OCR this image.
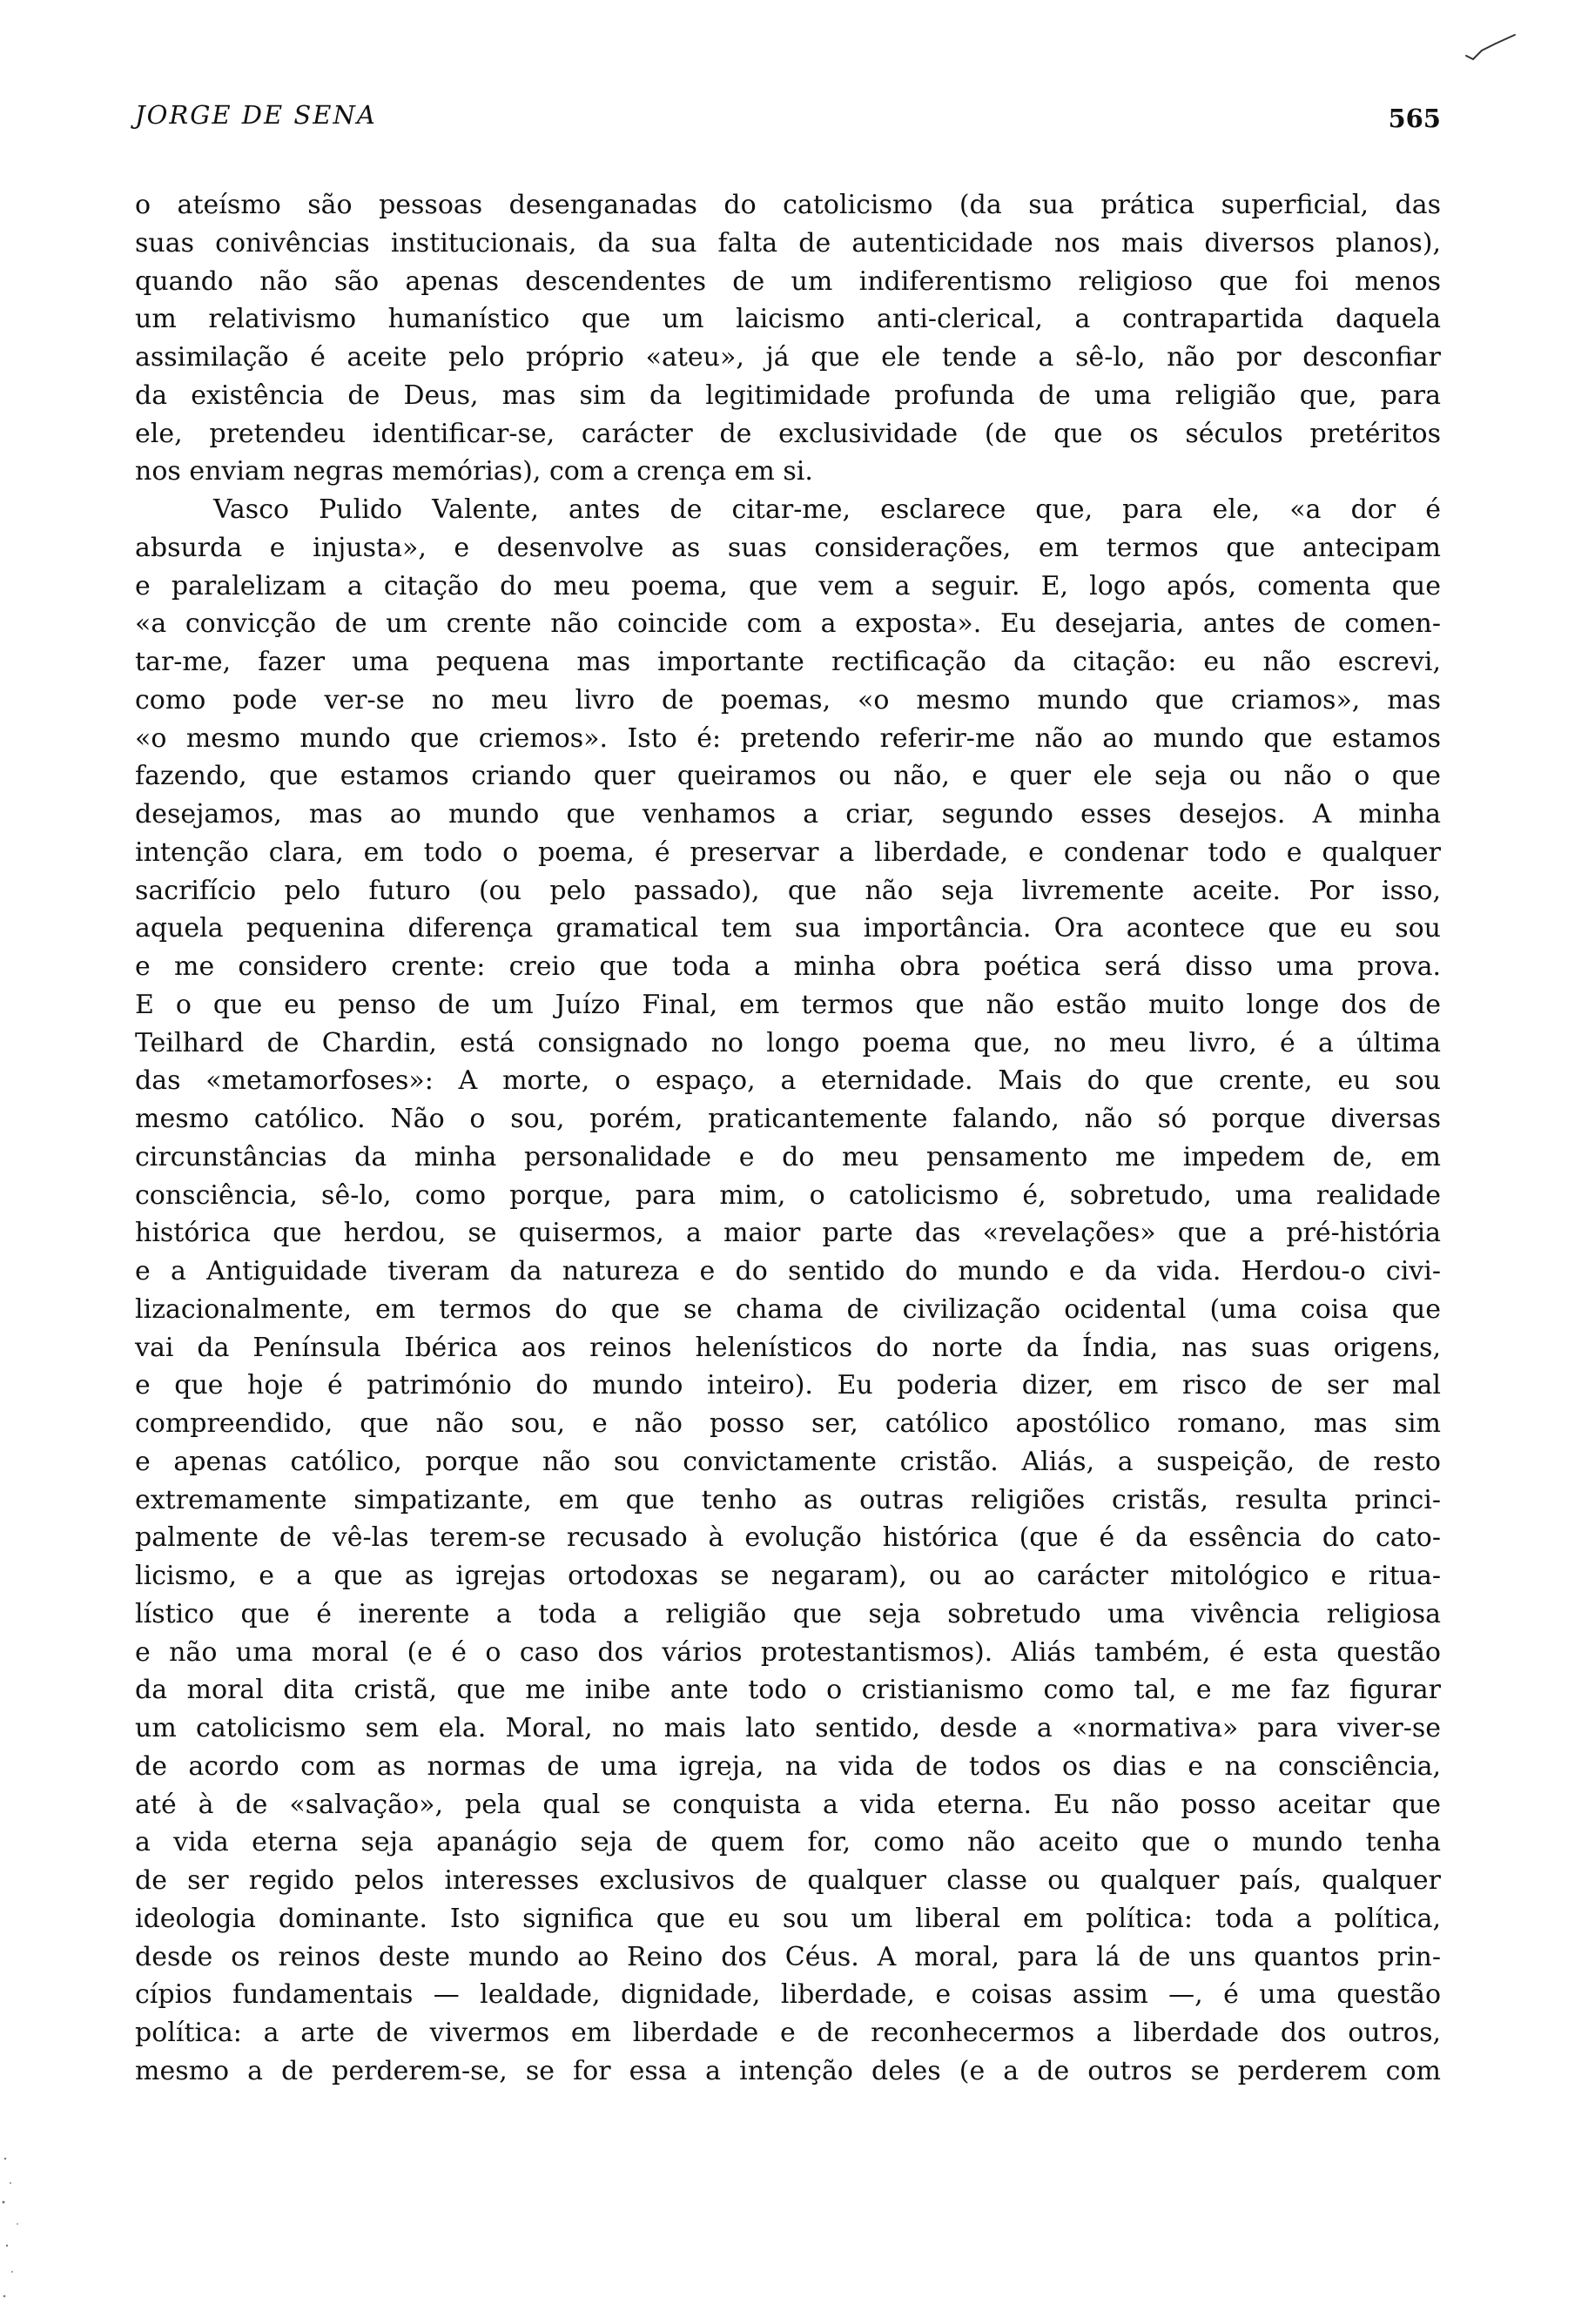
JORGE DE SENA	565
o ateísmo são pessoas desenganadas do catolicismo (da sua prática superficial, das
suas conivências institucionais, da sua falta de autenticidade nos mais diversos planos),
quando não são apenas descendentes de um indiferentismo religioso que foi menos
um relativismo humanístico que um laicismo anti-clerical, a contrapartida daquela
assimilação é aceite pelo próprio «ateu», já que ele tende a sê-lo, não por desconfiar
da existência de Deus, mas sim da legitimidade profunda de uma religião que, para
ele, pretendeu identificar-se, carácter de exclusividade (de que os séculos pretéritos
nos enviam negras memórias), com a crença em si.
Vasco Pulido Valente, antes de citar-me, esclarece que, para ele, «a dor é
absurda e injusta», e desenvolve as suas considerações, em termos que antecipam
e paralelizam a citação do meu poema, que vem a seguir. E, logo após, comenta que
«a convicção de um crente não coincide com a exposta». Eu desejaria, antes de comen-
tar-me, fazer uma pequena mas importante rectificação da citação: eu não escrevi,
como pode ver-se no meu livro de poemas, «o mesmo mundo que criamos», mas
«o mesmo mundo que criemos». Isto é: pretendo referir-me não ao mundo que estamos
fazendo, que estamos criando quer queiramos ou não, e quer ele seja ou não o que
desejamos, mas ao mundo que venhamos a criar, segundo esses desejos. A minha
intenção clara, em todo o poema, é preservar a liberdade, e condenar todo e qualquer
sacrifício pelo futuro (ou pelo passado), que não seja livremente aceite. Por isso,
aquela pequenina diferença gramatical tem sua importância. Ora acontece que eu sou
e me considero crente: creio que toda a minha obra poética será disso uma prova.
E o que eu penso de um Juízo Final, em termos que não estão muito longe dos de
Teilhard de Chardin, está consignado no longo poema que, no meu livro, é a última
das «metamorfoses»: A morte, o espaço, a eternidade. Mais do que crente, eu sou
mesmo católico. Não o sou, porém, praticantemente falando, não só porque diversas
circunstâncias da minha personalidade e do meu pensamento me impedem de, em
consciência, sê-lo, como porque, para mim, o catolicismo é, sobretudo, uma realidade
histórica que herdou, se quisermos, a maior parte das «revelações» que a pré-história
e a Antiguidade tiveram da natureza e do sentido do mundo e da vida. Herdou-o civi-
lizacionalmente, em termos do que se chama de civilização ocidental (uma coisa que
vai da Península Ibérica aos reinos helenísticos do norte da Índia, nas suas origens,
e que hoje é património do mundo inteiro). Eu poderia dizer, em risco de ser mal
compreendido, que não sou, e não posso ser, católico apostólico romano, mas sim
e apenas católico, porque não sou convictamente cristão. Aliás, a suspeição, de resto
extremamente simpatizante, em que tenho as outras religiões cristãs, resulta princi-
palmente de vê-las terem-se recusado à evolução histórica (que é da essência do cato-
licismo, e a que as igrejas ortodoxas se negaram), ou ao carácter mitológico e ritua-
lístico que é inerente a toda a religião que seja sobretudo uma vivência religiosa
e não uma moral (e é o caso dos vários protestantismos). Aliás também, é esta questão
da moral dita cristã, que me inibe ante todo o cristianismo como tal, e me faz figurar
um catolicismo sem ela. Moral, no mais lato sentido, desde a «normativa» para viver-se
de acordo com as normas de uma igreja, na vida de todos os dias e na consciência,
até à de «salvação», pela qual se conquista a vida eterna. Eu não posso aceitar que
a vida eterna seja apanágio seja de quem for, como não aceito que o mundo tenha
de ser regido pelos interesses exclusivos de qualquer classe ou qualquer país, qualquer
ideologia dominante. Isto significa que eu sou um liberal em política: toda a política,
desde os reinos deste mundo ao Reino dos Céus. A moral, para lá de uns quantos prin-
cípios fundamentais — lealdade, dignidade, liberdade, e coisas assim —, é uma questão
política: a arte de vivermos em liberdade e de reconhecermos a liberdade dos outros,
mesmo a de perderem-se, se for essa a intenção deles (e a de outros se perderem com
